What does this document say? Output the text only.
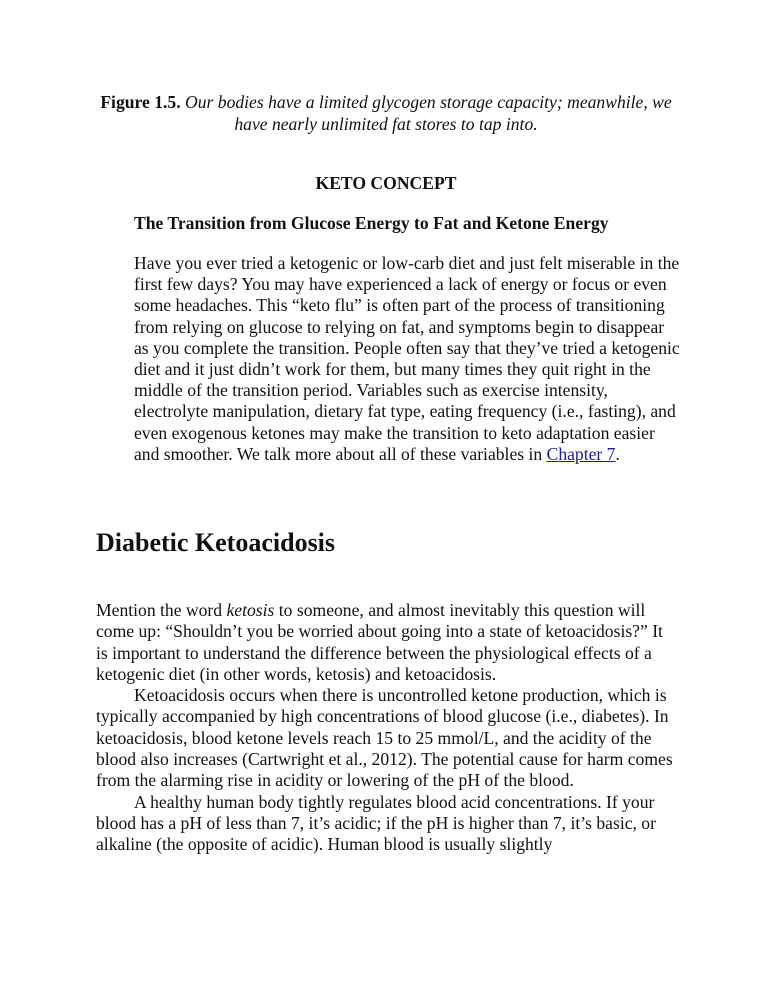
Figure 1.5. Our bodies have a limited glycogen storage capacity; meanwhile, we have nearly unlimited fat stores to tap into.
KETO CONCEPT
The Transition from Glucose Energy to Fat and Ketone Energy

Have you ever tried a ketogenic or low-carb diet and just felt miserable in the first few days? You may have experienced a lack of energy or focus or even some headaches. This “keto flu” is often part of the process of transitioning from relying on glucose to relying on fat, and symptoms begin to disappear as you complete the transition. People often say that they’ve tried a ketogenic diet and it just didn’t work for them, but many times they quit right in the middle of the transition period. Variables such as exercise intensity, electrolyte manipulation, dietary fat type, eating frequency (i.e., fasting), and even exogenous ketones may make the transition to keto adaptation easier and smoother. We talk more about all of these variables in Chapter 7.

Diabetic Ketoacidosis

Mention the word ketosis to someone, and almost inevitably this question will come up: “Shouldn’t you be worried about going into a state of ketoacidosis?” It is important to understand the difference between the physiological effects of a ketogenic diet (in other words, ketosis) and ketoacidosis.

Ketoacidosis occurs when there is uncontrolled ketone production, which is typically accompanied by high concentrations of blood glucose (i.e., diabetes). In ketoacidosis, blood ketone levels reach 15 to 25 mmol/L, and the acidity of the blood also increases (Cartwright et al., 2012). The potential cause for harm comes from the alarming rise in acidity or lowering of the pH of the blood.

A healthy human body tightly regulates blood acid concentrations. If your blood has a pH of less than 7, it’s acidic; if the pH is higher than 7, it’s basic, or alkaline (the opposite of acidic). Human blood is usually slightly
